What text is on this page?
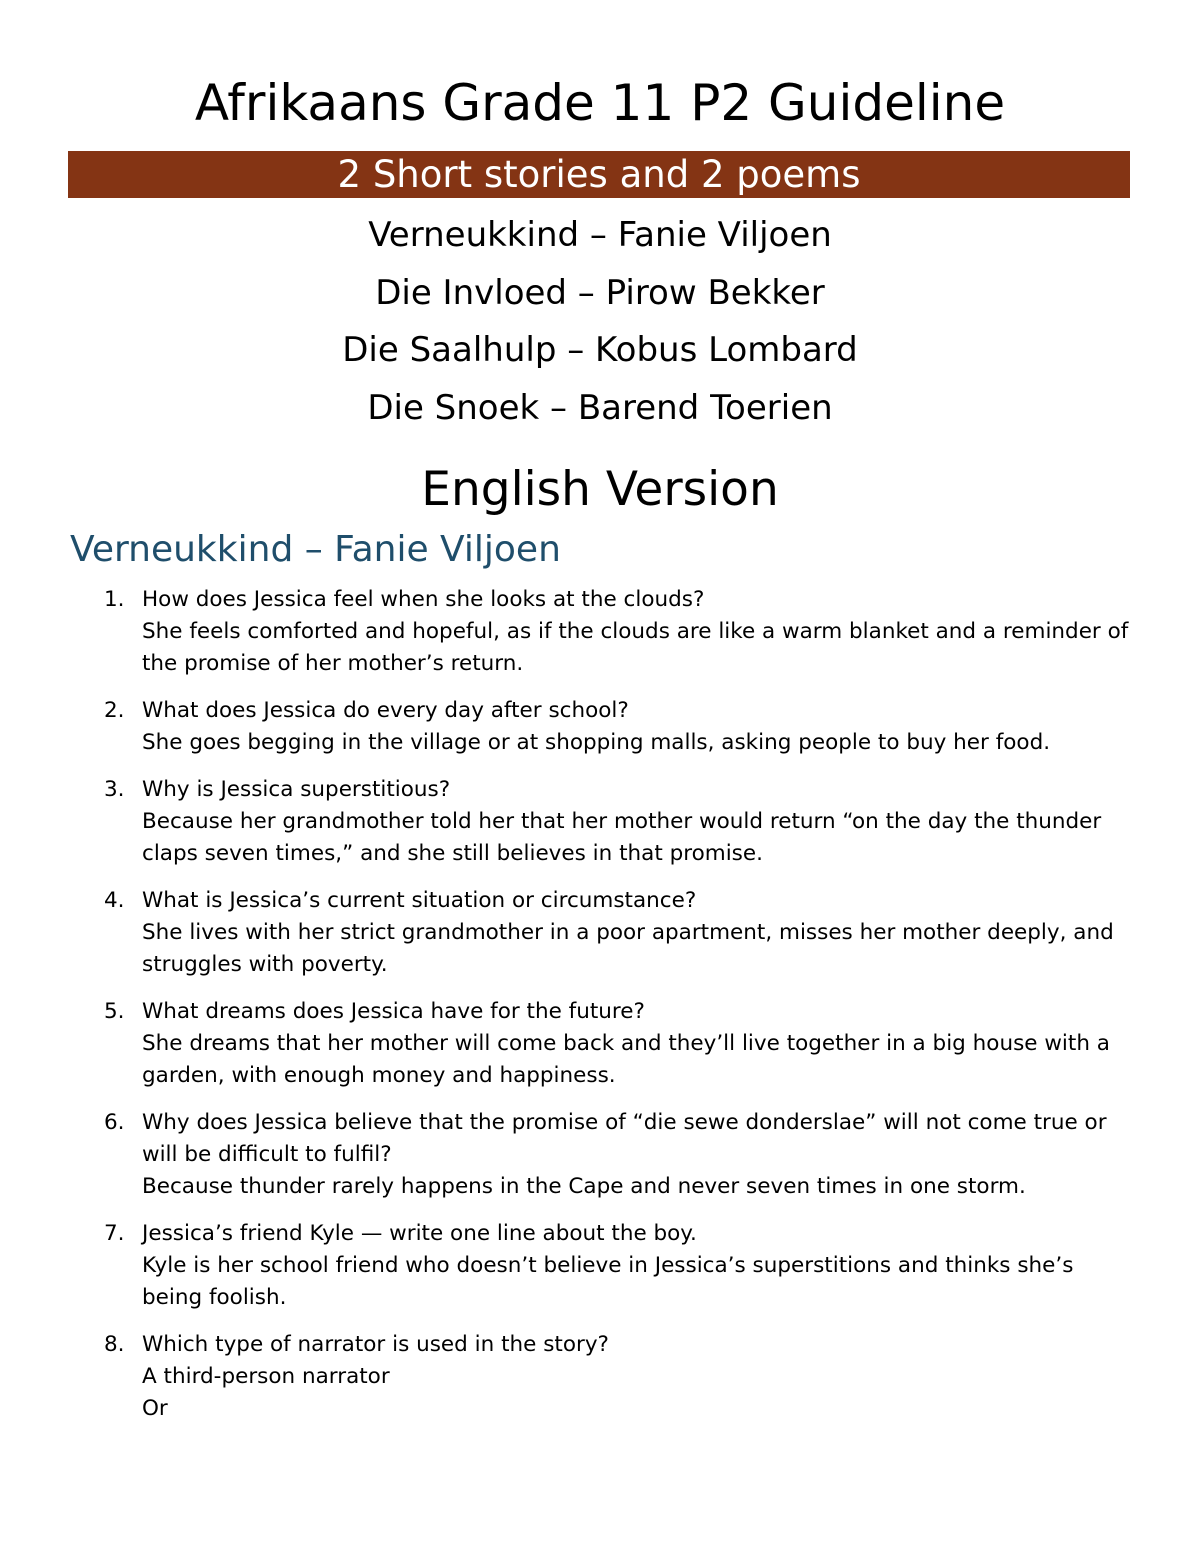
Afrikaans Grade 11 P2 Guideline
2 Short stories and 2 poems
Verneukkind – Fanie Viljoen
Die Invloed – Pirow Bekker
Die Saalhulp – Kobus Lombard
Die Snoek – Barend Toerien
English Version
Verneukkind – Fanie Viljoen
1. How does Jessica feel when she looks at the clouds?
She feels comforted and hopeful, as if the clouds are like a warm blanket and a reminder of the promise of her mother’s return.
2. What does Jessica do every day after school?
She goes begging in the village or at shopping malls, asking people to buy her food.
3. Why is Jessica superstitious?
Because her grandmother told her that her mother would return “on the day the thunder claps seven times,” and she still believes in that promise.
4. What is Jessica’s current situation or circumstance?
She lives with her strict grandmother in a poor apartment, misses her mother deeply, and struggles with poverty.
5. What dreams does Jessica have for the future?
She dreams that her mother will come back and they’ll live together in a big house with a garden, with enough money and happiness.
6. Why does Jessica believe that the promise of “die sewe donderslae” will not come true or will be difficult to fulfil?
Because thunder rarely happens in the Cape and never seven times in one storm.
7. Jessica’s friend Kyle — write one line about the boy.
Kyle is her school friend who doesn’t believe in Jessica’s superstitions and thinks she’s being foolish.
8. Which type of narrator is used in the story?
A third-person narrator
Or
